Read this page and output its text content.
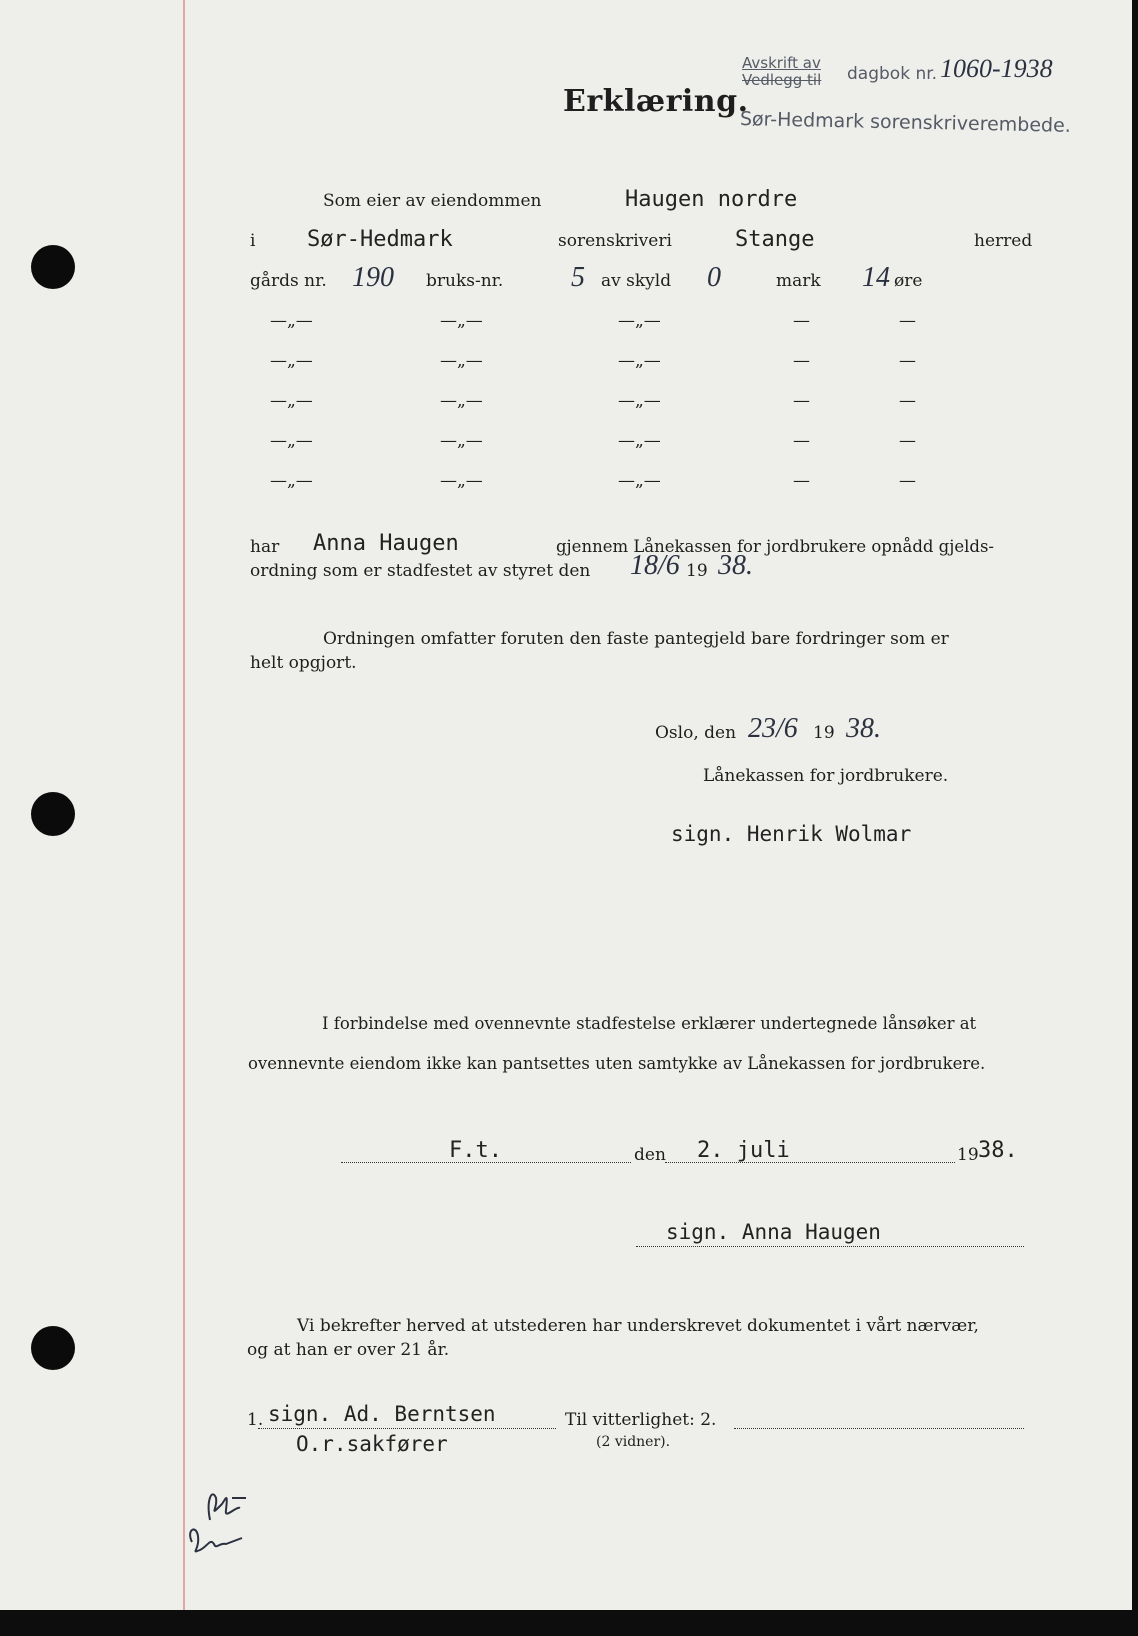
Avskrift av
Vedlegg til dagbok nr. 1060-1938
Sør-Hedmark sorenskriverembede.
Erklæring.
Som eier av eiendommen	Haugen nordre
i Sør-Hedmark	sorenskriveri	Stange	herred
gårds nr. 190 bruks-nr. 5 av skyld 0	mark 14 øre
—„—	—„—	—„—	—	—
—„—	—„—	—„—	—	—
—„—	—„—	—„—	—	—
—„—	—„—	—„—	—	—
—„—	—„—	—„—	—	—
har Anna Haugen	gjennem Lånekassen for jordbrukere opnådd gjelds-
ordning som er stadfestet av styret den 18/6 19 38.
Ordningen omfatter foruten den faste pantegjeld bare fordringer som er
helt opgjort.
Oslo, den 23/6 19 38.
Lånekassen for jordbrukere.
sign. Henrik Wolmar
I forbindelse med ovennevnte stadfestelse erklærer undertegnede lånsøker at
ovennevnte eiendom ikke kan pantsettes uten samtykke av Lånekassen for jordbrukere.
F.t.	den 2. juli	19 38.
sign. Anna Haugen
Vi bekrefter herved at utstederen har underskrevet dokumentet i vårt nærvær,
og at han er over 21 år.
1. sign. Ad. Berntsen
O.r.sakfører
Til vitterlighet: 2.
(2 vidner).
